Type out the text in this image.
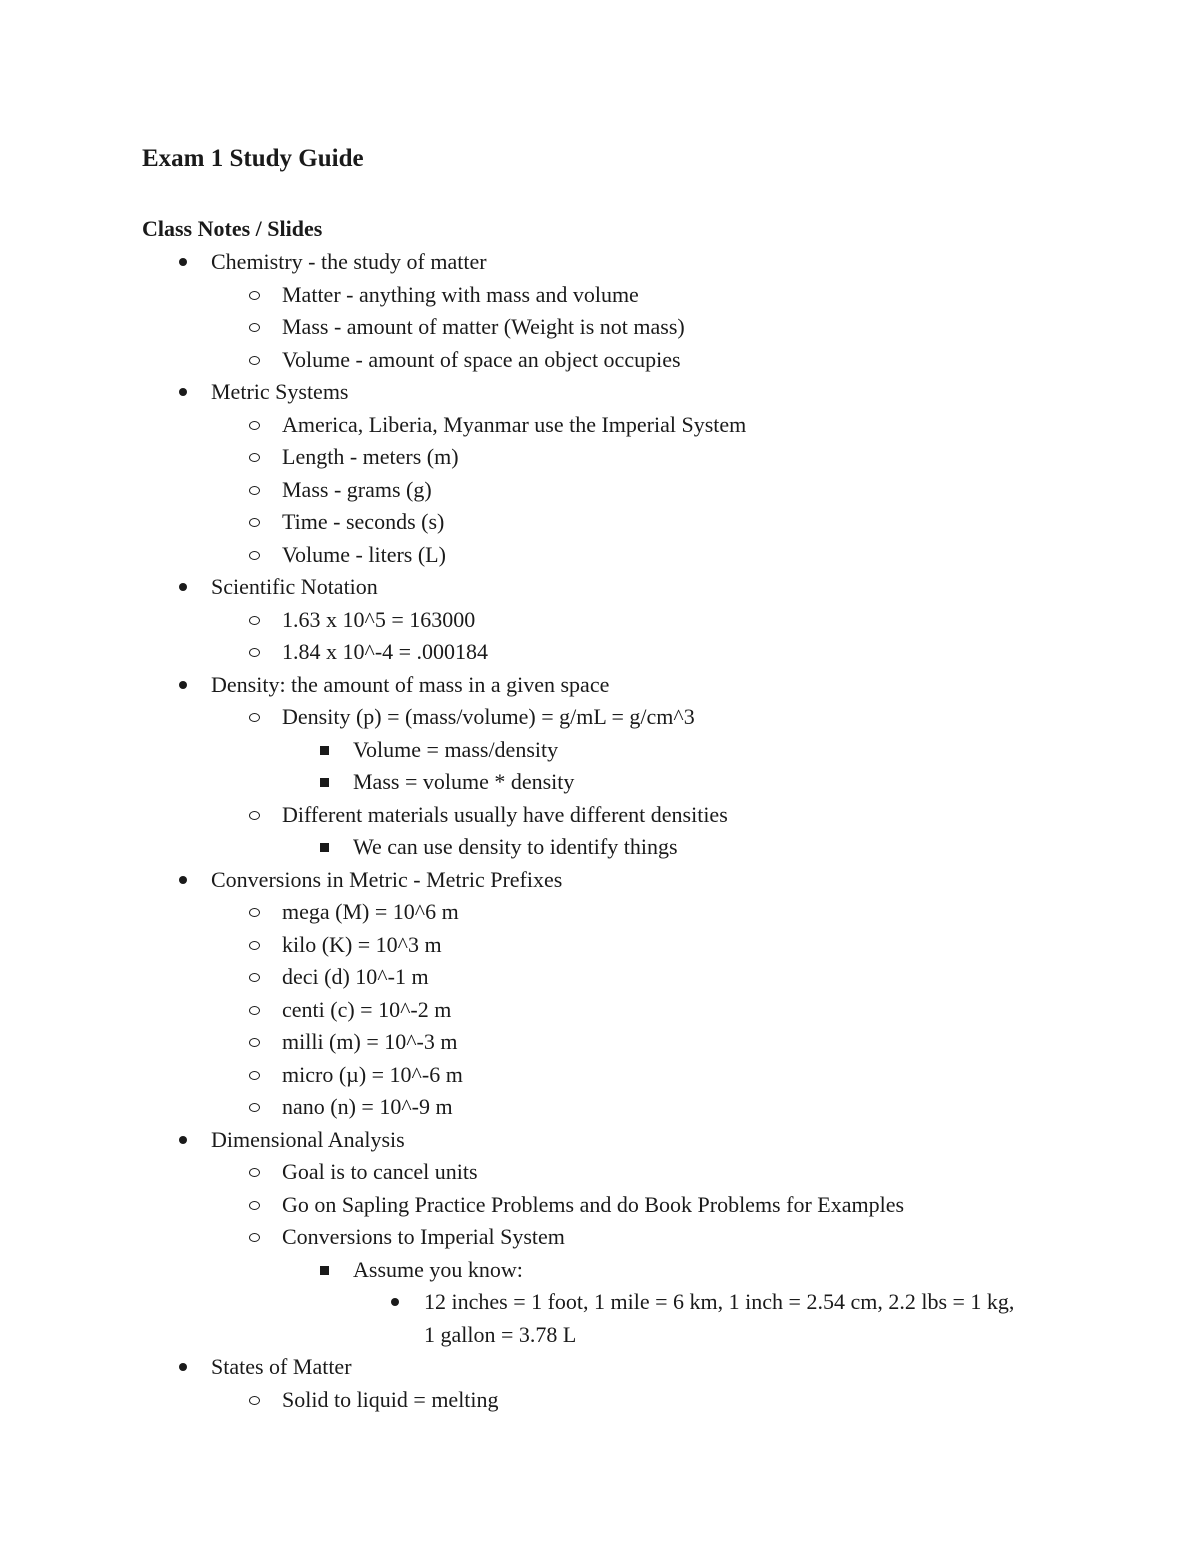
Exam 1 Study Guide
Class Notes / Slides
Chemistry - the study of matter
Matter - anything with mass and volume
Mass - amount of matter (Weight is not mass)
Volume - amount of space an object occupies
Metric Systems
America, Liberia, Myanmar use the Imperial System
Length - meters (m)
Mass - grams (g)
Time - seconds (s)
Volume - liters (L)
Scientific Notation
1.63 x 10^5 = 163000
1.84 x 10^-4 = .000184
Density: the amount of mass in a given space
Density (p) = (mass/volume) = g/mL = g/cm^3
Volume = mass/density
Mass = volume * density
Different materials usually have different densities
We can use density to identify things
Conversions in Metric - Metric Prefixes
mega (M) = 10^6 m
kilo (K) = 10^3 m
deci (d) 10^-1 m
centi (c) = 10^-2 m
milli (m) = 10^-3 m
micro (µ) = 10^-6 m
nano (n) = 10^-9 m
Dimensional Analysis
Goal is to cancel units
Go on Sapling Practice Problems and do Book Problems for Examples
Conversions to Imperial System
Assume you know:
12 inches = 1 foot, 1 mile = 6 km, 1 inch = 2.54 cm, 2.2 lbs = 1 kg,
1 gallon = 3.78 L
States of Matter
Solid to liquid = melting
